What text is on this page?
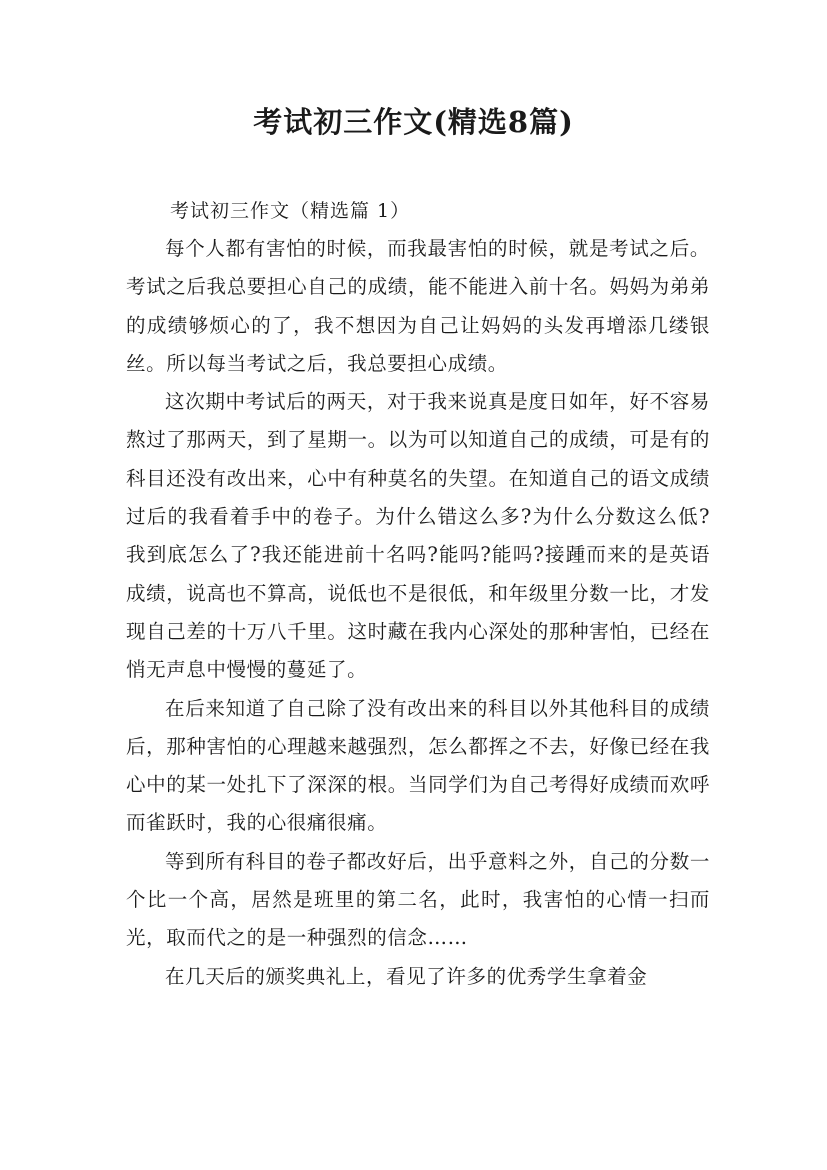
考试初三作文(精选8篇)

考试初三作文（精选篇 1）

每个人都有害怕的时候，而我最害怕的时候，就是考试之后。考试之后我总要担心自己的成绩，能不能进入前十名。妈妈为弟弟的成绩够烦心的了，我不想因为自己让妈妈的头发再增添几缕银丝。所以每当考试之后，我总要担心成绩。

这次期中考试后的两天，对于我来说真是度日如年，好不容易熬过了那两天，到了星期一。以为可以知道自己的成绩，可是有的科目还没有改出来，心中有种莫名的失望。在知道自己的语文成绩过后的我看着手中的卷子。为什么错这么多?为什么分数这么低?我到底怎么了?我还能进前十名吗?能吗?能吗?接踵而来的是英语成绩，说高也不算高，说低也不是很低，和年级里分数一比，才发现自己差的十万八千里。这时藏在我内心深处的那种害怕，已经在悄无声息中慢慢的蔓延了。

在后来知道了自己除了没有改出来的科目以外其他科目的成绩后，那种害怕的心理越来越强烈，怎么都挥之不去，好像已经在我心中的某一处扎下了深深的根。当同学们为自己考得好成绩而欢呼而雀跃时，我的心很痛很痛。

等到所有科目的卷子都改好后，出乎意料之外，自己的分数一个比一个高，居然是班里的第二名，此时，我害怕的心情一扫而光，取而代之的是一种强烈的信念……

在几天后的颁奖典礼上，看见了许多的优秀学生拿着金
